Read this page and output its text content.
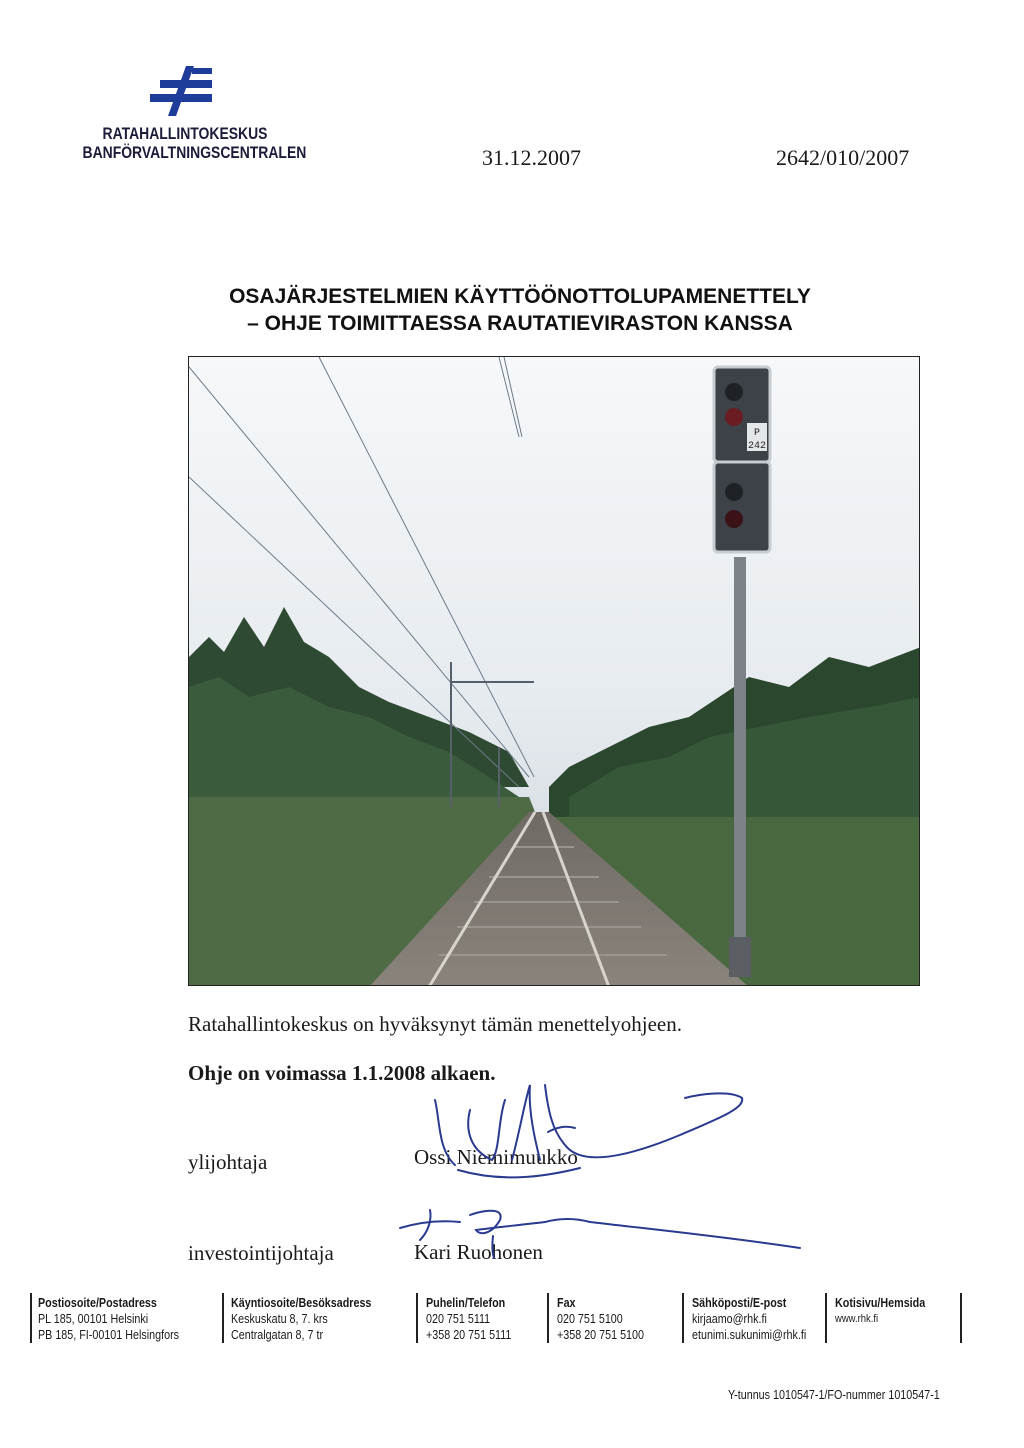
RATAHALLINTOKESKUS
BANFÖRVALTNINGSCENTRALEN	31.12.2007	2642/010/2007
OSAJÄRJESTELMIEN KÄYTTÖÖNOTTOLUPAMENETTELY
– OHJE TOIMITTAESSA RAUTATIEVIRASTON KANSSA
P
242
Ratahallintokeskus on hyväksynyt tämän menettelyohjeen.
Ohje on voimassa 1.1.2008 alkaen.
ylijohtaja	Ossi Niemimuukko
investointijohtaja	Kari Ruohonen
Postiosoite/Postadress
PL 185, 00101 Helsinki
PB 185, FI-00101 Helsingfors
Käyntiosoite/Besöksadress
Keskuskatu 8, 7. krs
Centralgatan 8, 7 tr
Puhelin/Telefon
020 751 5111
+358 20 751 5111
Fax
020 751 5100
+358 20 751 5100
Sähköposti/E-post
kirjaamo@rhk.fi
etunimi.sukunimi@rhk.fi
Kotisivu/Hemsida
www.rhk.fi
Y-tunnus 1010547-1/FO-nummer 1010547-1
